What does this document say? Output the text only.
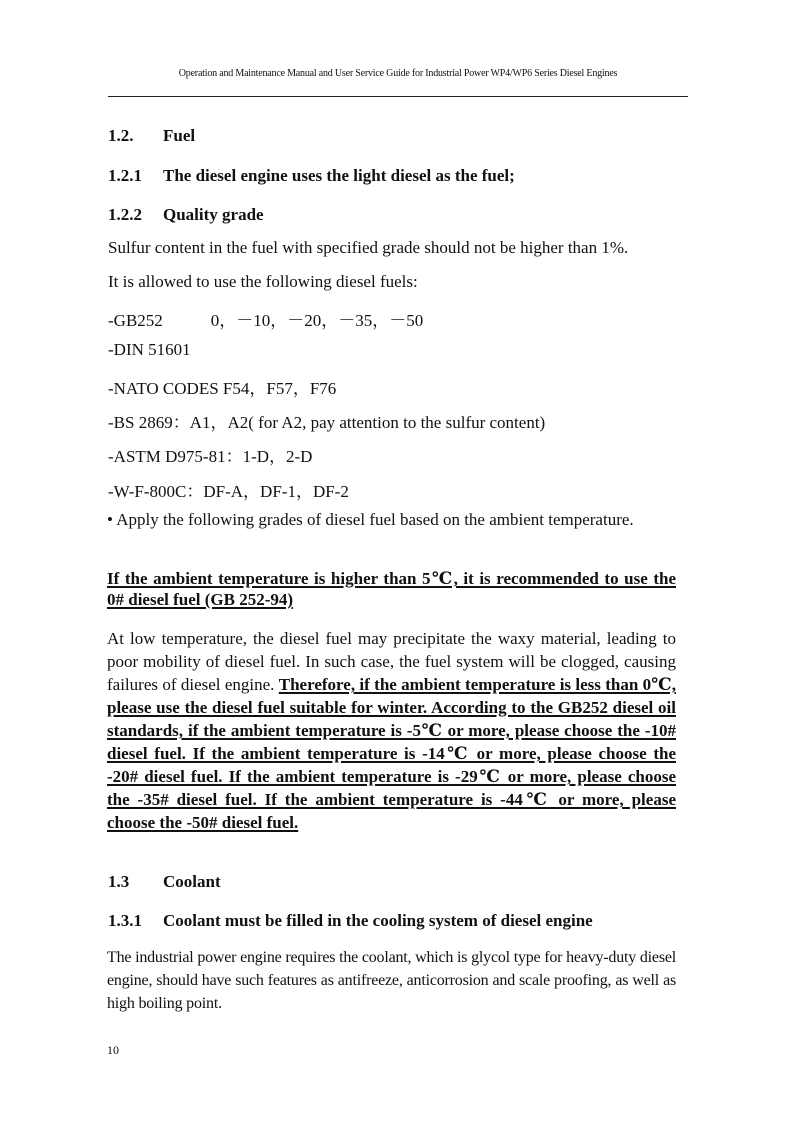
Operation and Maintenance Manual and User Service Guide for Industrial Power WP4/WP6 Series Diesel Engines
1.2. Fuel
1.2.1 The diesel engine uses the light diesel as the fuel;
1.2.2 Quality grade
Sulfur content in the fuel with specified grade should not be higher than 1%.
It is allowed to use the following diesel fuels:
-GB252	0，－10，－20，－35，－50
-DIN 51601
-NATO CODES F54，F57，F76
-BS 2869：A1，A2( for A2, pay attention to the sulfur content)
-ASTM D975-81：1-D，2-D
-W-F-800C：DF-A，DF-1，DF-2
• Apply the following grades of diesel fuel based on the ambient temperature.
If the ambient temperature is higher than 5℃, it is recommended to use the 0# diesel fuel (GB 252-94)
At low temperature, the diesel fuel may precipitate the waxy material, leading to poor mobility of diesel fuel. In such case, the fuel system will be clogged, causing failures of diesel engine. Therefore, if the ambient temperature is less than 0℃, please use the diesel fuel suitable for winter. According to the GB252 diesel oil standards, if the ambient temperature is -5℃ or more, please choose the -10# diesel fuel. If the ambient temperature is -14℃ or more, please choose the -20# diesel fuel. If the ambient temperature is -29℃ or more, please choose the -35# diesel fuel. If the ambient temperature is -44℃ or more, please choose the -50# diesel fuel.
1.3 Coolant
1.3.1 Coolant must be filled in the cooling system of diesel engine
The industrial power engine requires the coolant, which is glycol type for heavy-duty diesel engine, should have such features as antifreeze, anticorrosion and scale proofing, as well as high boiling point.
10
